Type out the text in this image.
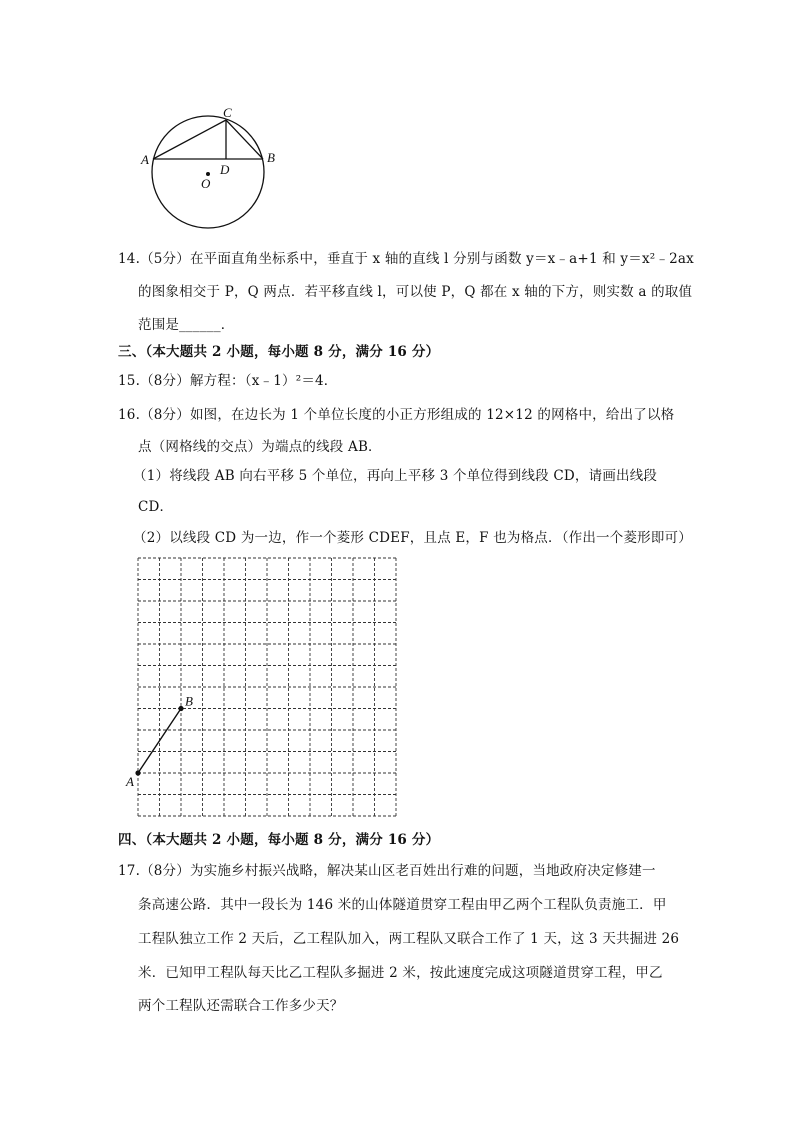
A	B
C
D
O
14.（5分）在平面直角坐标系中，垂直于 x 轴的直线 l 分别与函数 y＝x﹣a+1 和 y＝x²﹣2ax
的图象相交于 P，Q 两点．若平移直线 l，可以使 P，Q 都在 x 轴的下方，则实数 a 的取值
范围是______．
三、（本大题共 2 小题，每小题 8 分，满分 16 分）
15.（8分）解方程：（x﹣1）²＝4．
16.（8分）如图，在边长为 1 个单位长度的小正方形组成的 12×12 的网格中，给出了以格
点（网格线的交点）为端点的线段 AB．
（1）将线段 AB 向右平移 5 个单位，再向上平移 3 个单位得到线段 CD，请画出线段
CD．
（2）以线段 CD 为一边，作一个菱形 CDEF，且点 E，F 也为格点．（作出一个菱形即可）
A
B
四、（本大题共 2 小题，每小题 8 分，满分 16 分）
17.（8分）为实施乡村振兴战略，解决某山区老百姓出行难的问题，当地政府决定修建一
条高速公路．其中一段长为 146 米的山体隧道贯穿工程由甲乙两个工程队负责施工．甲
工程队独立工作 2 天后，乙工程队加入，两工程队又联合工作了 1 天，这 3 天共掘进 26
米．已知甲工程队每天比乙工程队多掘进 2 米，按此速度完成这项隧道贯穿工程，甲乙
两个工程队还需联合工作多少天？
